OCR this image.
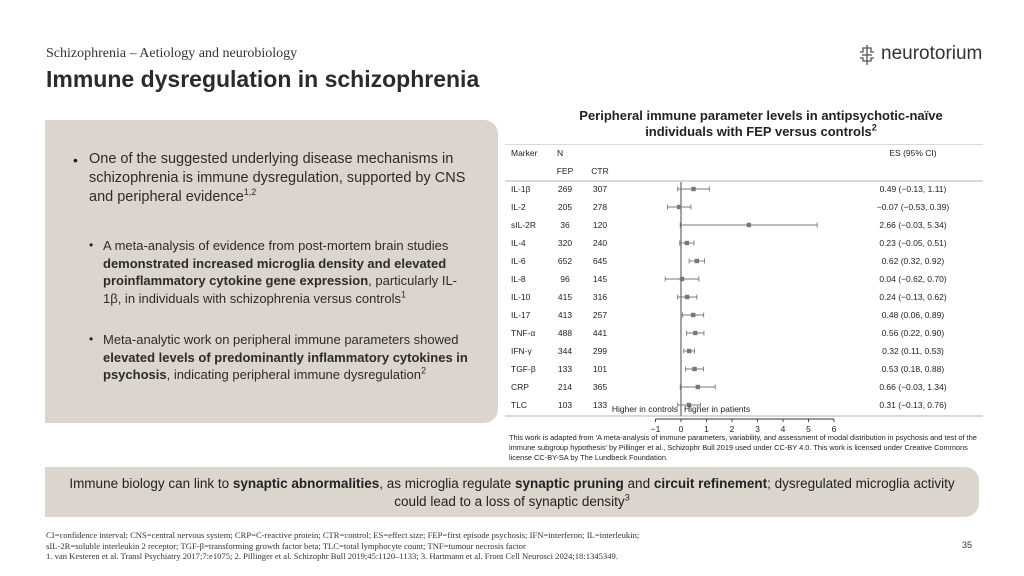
Schizophrenia – Aetiology and neurobiology
Immune dysregulation in schizophrenia
neurotorium
• One of the suggested underlying disease mechanisms in schizophrenia is immune dysregulation, supported by CNS and peripheral evidence$^{1,2}$
• A meta-analysis of evidence from post-mortem brain studies demonstrated increased microglia density and elevated proinflammatory cytokine gene expression, particularly IL-1β, in individuals with schizophrenia versus controls$^1$
• Meta-analytic work on peripheral immune parameters showed elevated levels of predominantly inflammatory cytokines in psychosis, indicating peripheral immune dysregulation$^2$
Peripheral immune parameter levels in antipsychotic-naïve individuals with FEP versus controls$^2$
Marker N	ES (95% CI)
FEP CTR
IL-1β	269 307	0.49 (−0.13, 1.11)
IL-2	205 278	−0.07 (−0.53, 0.39)
sIL-2R	36	120	2.66 (−0.03, 5.34)
IL-4	320 240	0.23 (−0.05, 0.51)
IL-6	652 645	0.62 (0.32, 0.92)
IL-8	96	145	0.04 (−0.62, 0.70)
IL-10	415 316	0.24 (−0.13, 0.62)
IL-17	413 257	0.48 (0.06, 0.89)
TNF-α	488 441	0.56 (0.22, 0.90)
IFN-γ	344 299	0.32 (0.11, 0.53)
TGF-β	133 101	0.53 (0.18, 0.88)
CRP	214 365	0.66 (−0.03, 1.34)
TLC	103 133	0.31 (−0.13, 0.76)
−1 0 1 2 3 4 5 6
Higher in controls Higher in patients
This work is adapted from 'A meta-analysis of immune parameters, variability, and assessment of modal distribution in psychosis and test of the immune subgroup hypothesis' by Pillinger et al., Schizophr Bull 2019 used under CC-BY 4.0. This work is licensed under Creative Commons license CC-BY-SA by The Lundbeck Foundation.
Immune biology can link to synaptic abnormalities, as microglia regulate synaptic pruning and circuit refinement; dysregulated microglia activity could lead to a loss of synaptic density$^3$
CI=confidence interval; CNS=central nervous system; CRP=C-reactive protein; CTR=control; ES=effect size; FEP=first episode psychosis; IFN=interferon; IL=interleukin;
sIL-2R=soluble interleukin 2 receptor; TGF-β=transforming growth factor beta; TLC=total lymphocyte count; TNF=tumour necrosis factor
1. van Kesteren et al. Transl Psychiatry 2017;7:e1075; 2. Pillinger et al. Schizophr Bull 2019;45:1120–1133; 3. Hartmann et al. Front Cell Neurosci 2024;18:1345349.
35
